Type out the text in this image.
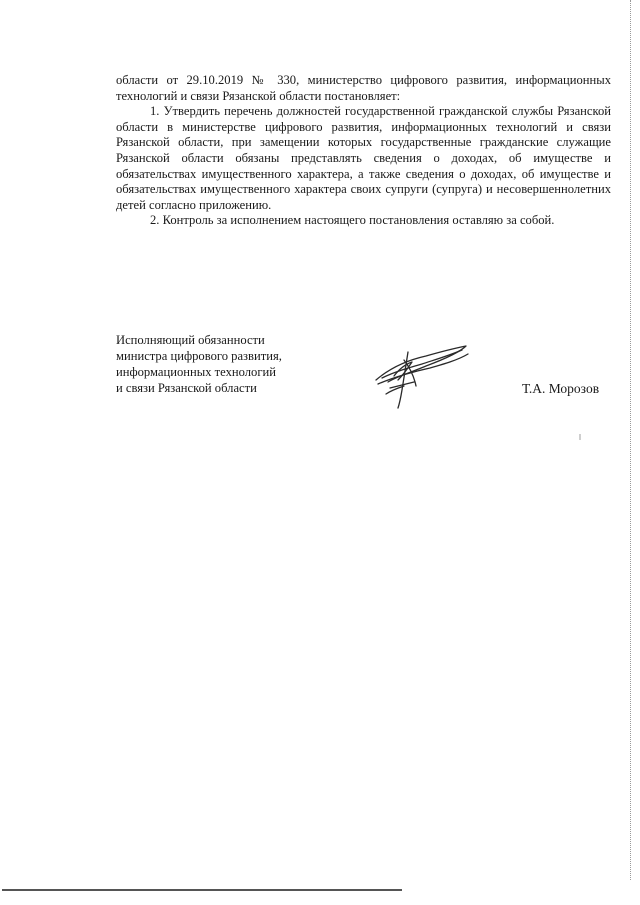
области от 29.10.2019 № 330, министерство цифрового развития, информационных технологий и связи Рязанской области постановляет:

1. Утвердить перечень должностей государственной гражданской службы Рязанской области в министерстве цифрового развития, информационных технологий и связи Рязанской области, при замещении которых государственные гражданские служащие Рязанской области обязаны представлять сведения о доходах, об имуществе и обязательствах имущественного характера, а также сведения о доходах, об имуществе и обязательствах имущественного характера своих супруги (супруга) и несовершеннолетних детей согласно приложению.

2. Контроль за исполнением настоящего постановления оставляю за собой.

Исполняющий обязанности
министра цифрового развития,
информационных технологий
и связи Рязанской области	Т.А. Морозов
